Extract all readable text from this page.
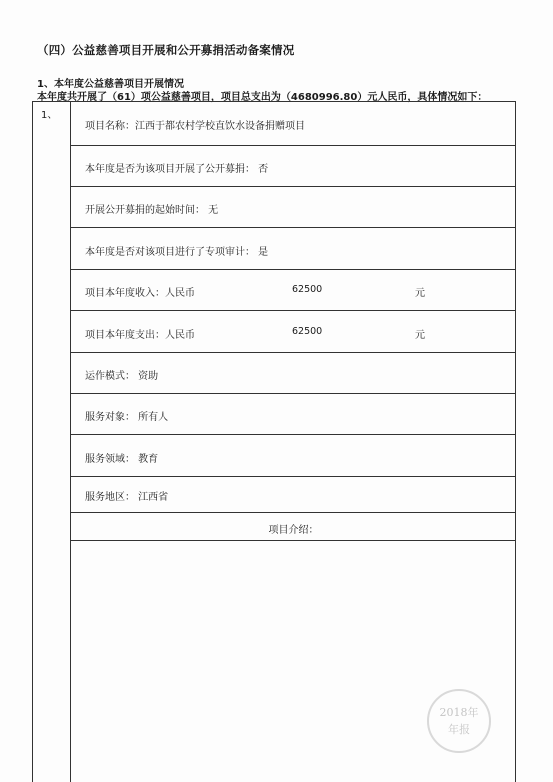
（四）公益慈善项目开展和公开募捐活动备案情况
1、本年度公益慈善项目开展情况
本年度共开展了（61）项公益慈善项目，项目总支出为（4680996.80）元人民币，具体情况如下：
1、
项目名称：江西于都农村学校直饮水设备捐赠项目
本年度是否为该项目开展了公开募捐： 否
开展公开募捐的起始时间： 无
本年度是否对该项目进行了专项审计： 是
项目本年度收入：人民币	62500	元
项目本年度支出：人民币	62500	元
运作模式： 资助
服务对象： 所有人
服务领域： 教育
服务地区： 江西省
项目介绍：
2018年
年报
